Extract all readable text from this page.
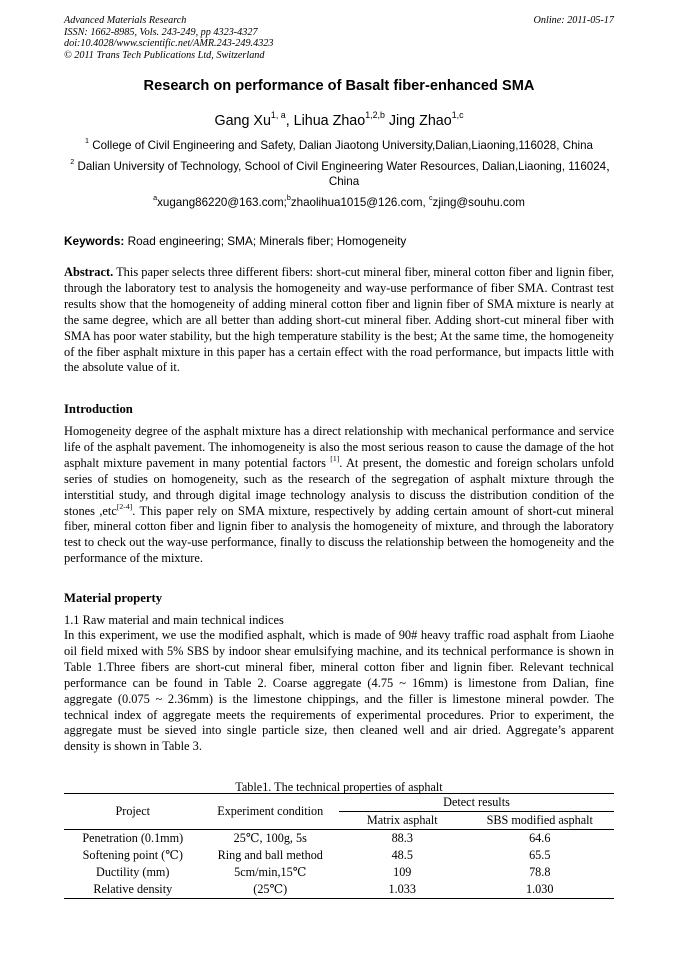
Advanced Materials Research
ISSN: 1662-8985, Vols. 243-249, pp 4323-4327
doi:10.4028/www.scientific.net/AMR.243-249.4323
© 2011 Trans Tech Publications Ltd, Switzerland
Online: 2011-05-17
Research on performance of Basalt fiber-enhanced SMA
Gang Xu$^{1, a}$, Lihua Zhao$^{1,2,b}$ Jing Zhao$^{1,c}$
$^1$ College of Civil Engineering and Safety, Dalian Jiaotong University,Dalian,Liaoning,116028, China
$^2$ Dalian University of Technology, School of Civil Engineering Water Resources, Dalian,Liaoning, 116024，China
$^a$xugang86220@163.com;$^b$zhaolihua1015@126.com, $^c$zjing@souhu.com
Keywords: Road engineering; SMA; Minerals fiber; Homogeneity

Abstract. This paper selects three different fibers: short-cut mineral fiber, mineral cotton fiber and lignin fiber, through the laboratory test to analysis the homogeneity and way-use performance of fiber SMA. Contrast test results show that the homogeneity of adding mineral cotton fiber and lignin fiber of SMA mixture is nearly at the same degree, which are all better than adding short-cut mineral fiber. Adding short-cut mineral fiber with SMA has poor water stability, but the high temperature stability is the best; At the same time, the homogeneity of the fiber asphalt mixture in this paper has a certain effect with the road performance, but impacts little with the absolute value of it.

Introduction

Homogeneity degree of the asphalt mixture has a direct relationship with mechanical performance and service life of the asphalt pavement. The inhomogeneity is also the most serious reason to cause the damage of the hot asphalt mixture pavement in many potential factors [1]. At present, the domestic and foreign scholars unfold series of studies on homogeneity, such as the research of the segregation of asphalt mixture through the interstitial study, and through digital image technology analysis to discuss the distribution condition of the stones ,etc[2-4]. This paper rely on SMA mixture, respectively by adding certain amount of short-cut mineral fiber, mineral cotton fiber and lignin fiber to analysis the homogeneity of mixture, and through the laboratory test to check out the way-use performance, finally to discuss the relationship between the homogeneity and the performance of the mixture.

Material property
1.1 Raw material and main technical indices

In this experiment, we use the modified asphalt, which is made of 90# heavy traffic road asphalt from Liaohe oil field mixed with 5% SBS by indoor shear emulsifying machine, and its technical performance is shown in Table 1.Three fibers are short-cut mineral fiber, mineral cotton fiber and lignin fiber. Relevant technical performance can be found in Table 2. Coarse aggregate (4.75 ~ 16mm) is limestone from Dalian, fine aggregate (0.075 ~ 2.36mm) is the limestone chippings, and the filler is limestone mineral powder. The technical index of aggregate meets the requirements of experimental procedures. Prior to experiment, the aggregate must be sieved into single particle size, then cleaned well and air dried. Aggregate’s apparent density is shown in Table 3.

Table1. The technical properties of asphalt
Project	Experiment condition	Detect results	
		Matrix asphalt	SBS modified asphalt
Penetration (0.1mm)	25℃, 100g, 5s	88.3	64.6
Softening point (℃)	Ring and ball method	48.5	65.5
Ductility (mm)	5cm/min,15℃	109	78.8
Relative density	(25℃)	1.033	1.030
